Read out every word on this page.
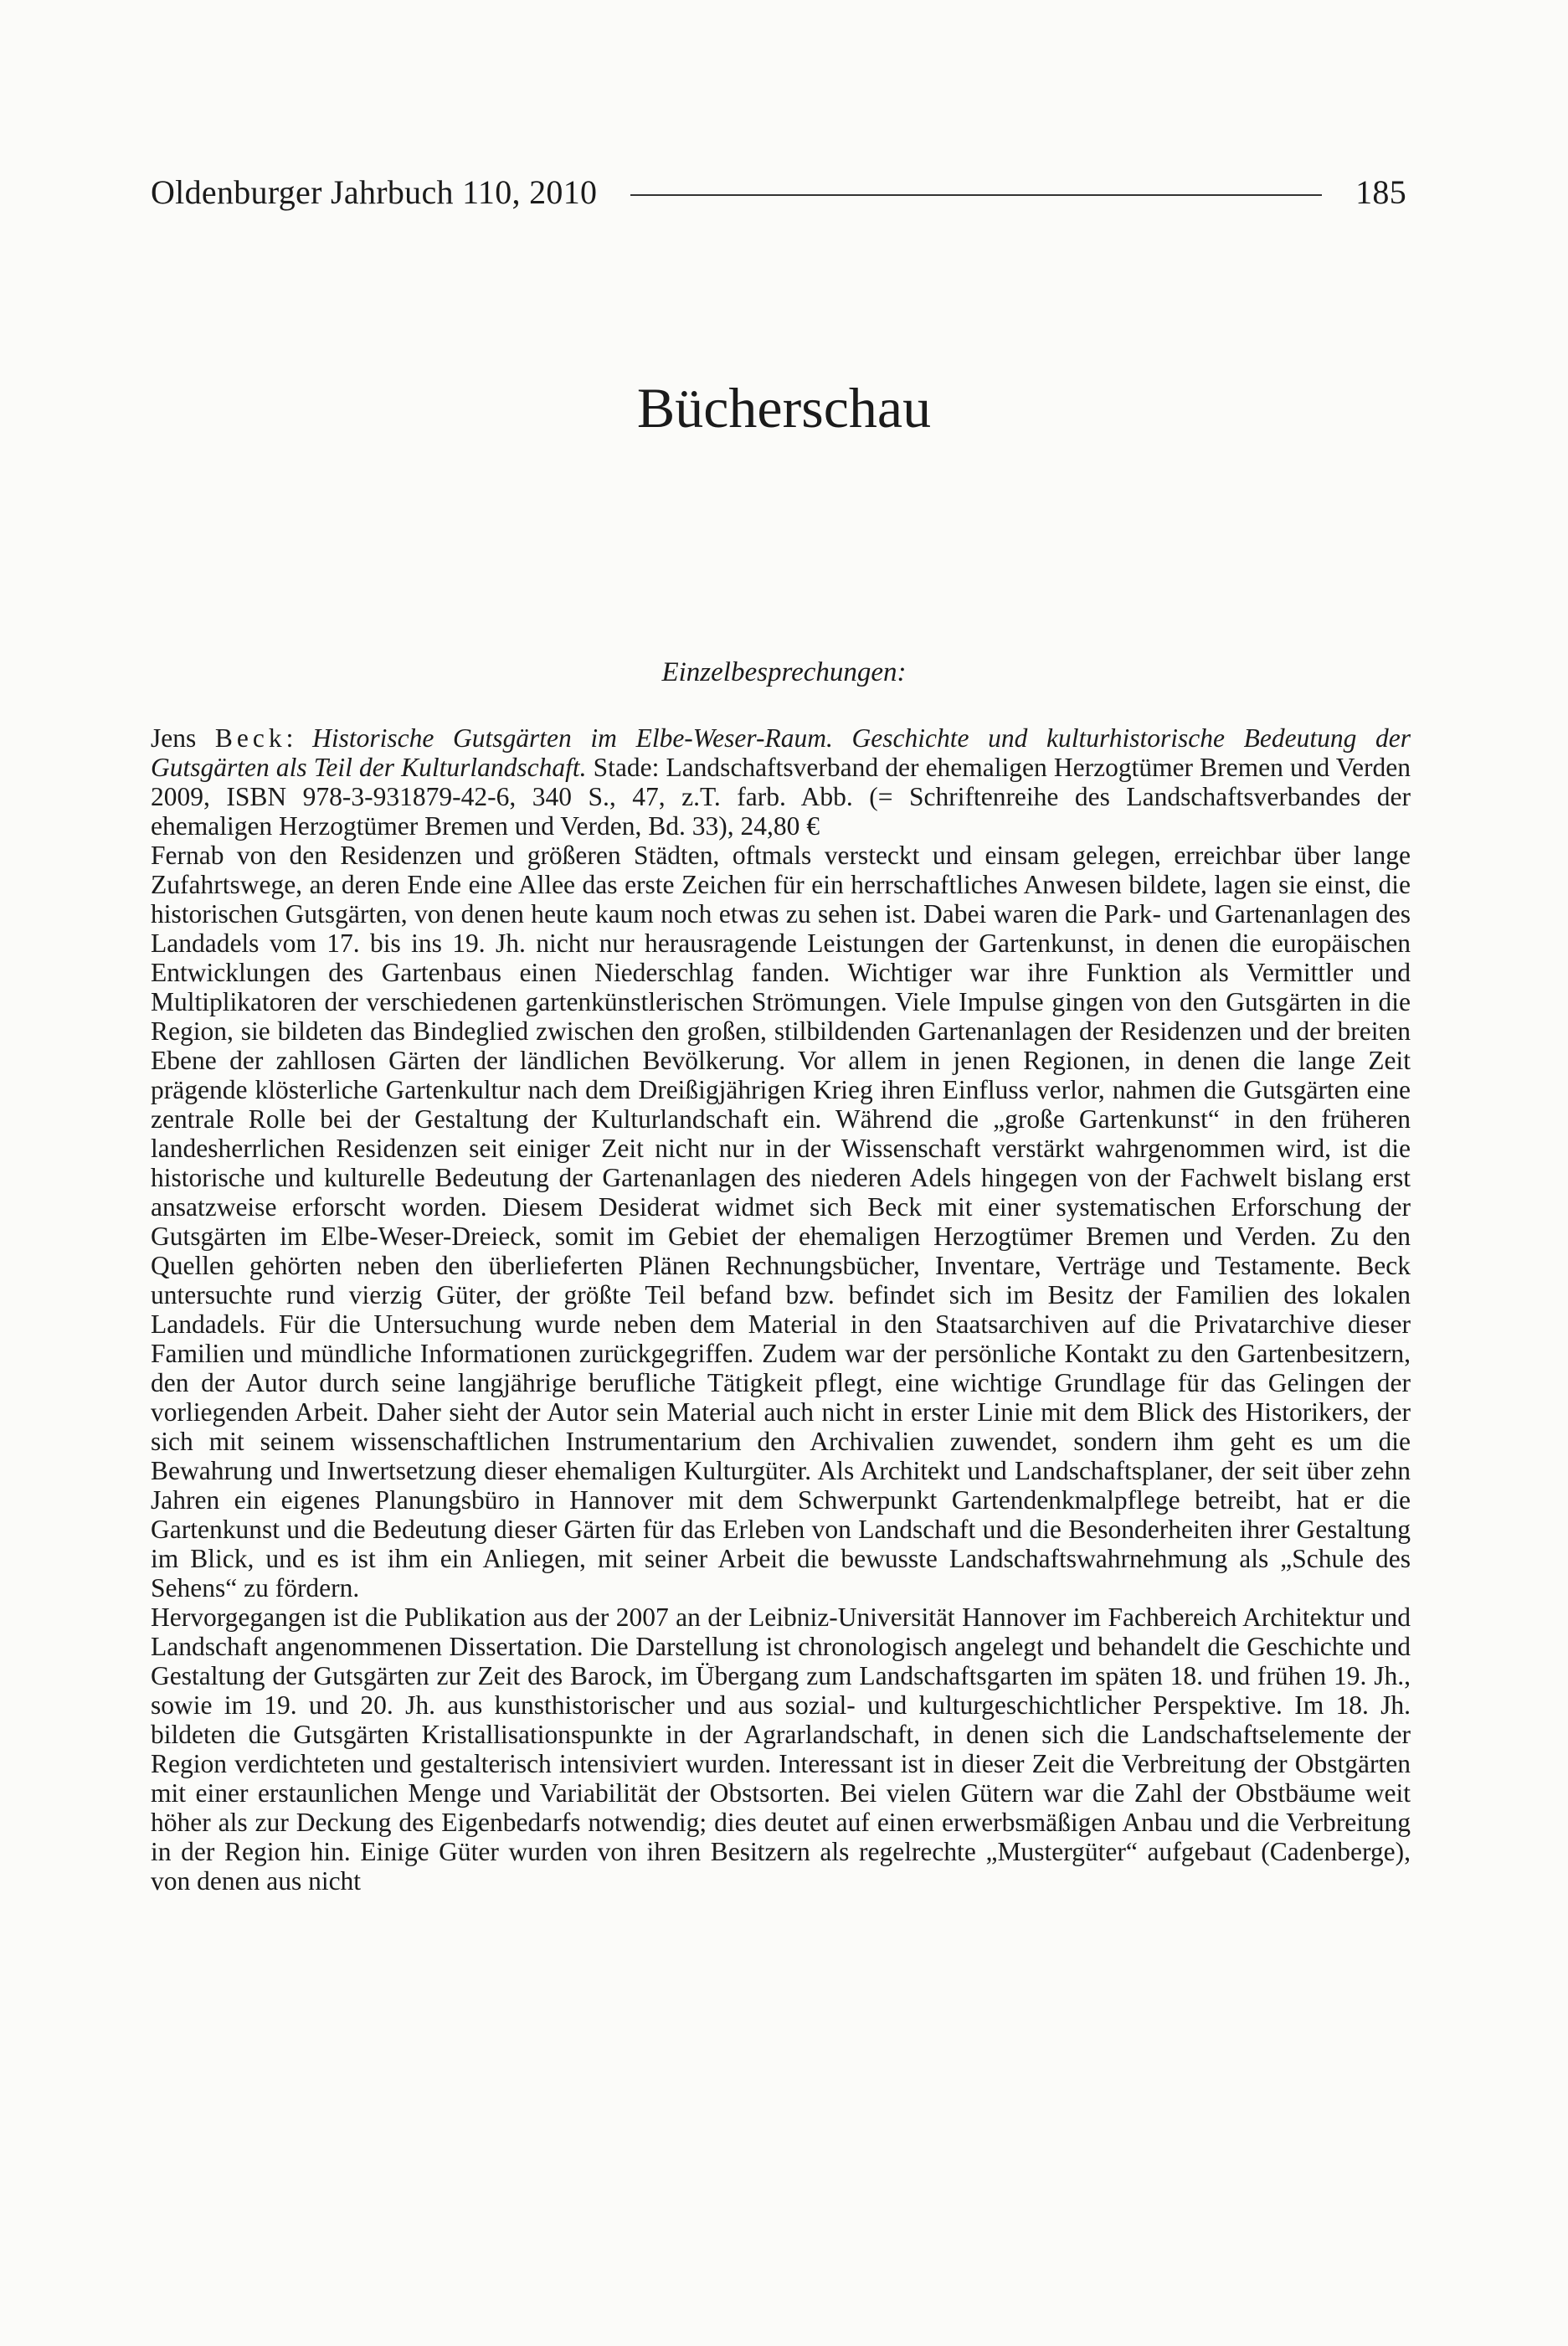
Oldenburger Jahrbuch 110, 2010	185
Bücherschau
Einzelbesprechungen:

Jens Beck: Historische Gutsgärten im Elbe-Weser-Raum. Geschichte und kulturhistorische Bedeutung der Gutsgärten als Teil der Kulturlandschaft. Stade: Landschaftsverband der ehemaligen Herzogtümer Bremen und Verden 2009, ISBN 978-3-931879-42-6, 340 S., 47, z.T. farb. Abb. (= Schriftenreihe des Landschaftsverbandes der ehemaligen Herzogtümer Bremen und Verden, Bd. 33), 24,80 €

Fernab von den Residenzen und größeren Städten, oftmals versteckt und einsam gelegen, erreichbar über lange Zufahrtswege, an deren Ende eine Allee das erste Zeichen für ein herrschaftliches Anwesen bildete, lagen sie einst, die historischen Gutsgärten, von denen heute kaum noch etwas zu sehen ist. Dabei waren die Park- und Gartenanlagen des Landadels vom 17. bis ins 19. Jh. nicht nur herausragende Leistungen der Gartenkunst, in denen die europäischen Entwicklungen des Gartenbaus einen Niederschlag fanden. Wichtiger war ihre Funktion als Vermittler und Multiplikatoren der verschiedenen gartenkünstlerischen Strömungen. Viele Impulse gingen von den Gutsgärten in die Region, sie bildeten das Bindeglied zwischen den großen, stilbildenden Gartenanlagen der Residenzen und der breiten Ebene der zahllosen Gärten der ländlichen Bevölkerung. Vor allem in jenen Regionen, in denen die lange Zeit prägende klösterliche Gartenkultur nach dem Dreißigjährigen Krieg ihren Einfluss verlor, nahmen die Gutsgärten eine zentrale Rolle bei der Gestaltung der Kulturlandschaft ein. Während die „große Gartenkunst“ in den früheren landesherrlichen Residenzen seit einiger Zeit nicht nur in der Wissenschaft verstärkt wahrgenommen wird, ist die historische und kulturelle Bedeutung der Gartenanlagen des niederen Adels hingegen von der Fachwelt bislang erst ansatzweise erforscht worden. Diesem Desiderat widmet sich Beck mit einer systematischen Erforschung der Gutsgärten im Elbe-Weser-Dreieck, somit im Gebiet der ehemaligen Herzogtümer Bremen und Verden. Zu den Quellen gehörten neben den überlieferten Plänen Rechnungsbücher, Inventare, Verträge und Testamente. Beck untersuchte rund vierzig Güter, der größte Teil befand bzw. befindet sich im Besitz der Familien des lokalen Landadels. Für die Untersuchung wurde neben dem Material in den Staatsarchiven auf die Privatarchive dieser Familien und mündliche Informationen zurückgegriffen. Zudem war der persönliche Kontakt zu den Gartenbesitzern, den der Autor durch seine langjährige berufliche Tätigkeit pflegt, eine wichtige Grundlage für das Gelingen der vorliegenden Arbeit. Daher sieht der Autor sein Material auch nicht in erster Linie mit dem Blick des Historikers, der sich mit seinem wissenschaftlichen Instrumentarium den Archivalien zuwendet, sondern ihm geht es um die Bewahrung und Inwertsetzung dieser ehemaligen Kulturgüter. Als Architekt und Landschaftsplaner, der seit über zehn Jahren ein eigenes Planungsbüro in Hannover mit dem Schwerpunkt Gartendenkmalpflege betreibt, hat er die Gartenkunst und die Bedeutung dieser Gärten für das Erleben von Landschaft und die Besonderheiten ihrer Gestaltung im Blick, und es ist ihm ein Anliegen, mit seiner Arbeit die bewusste Landschaftswahrnehmung als „Schule des Sehens“ zu fördern.

Hervorgegangen ist die Publikation aus der 2007 an der Leibniz-Universität Hannover im Fachbereich Architektur und Landschaft angenommenen Dissertation. Die Darstellung ist chronologisch angelegt und behandelt die Geschichte und Gestaltung der Gutsgärten zur Zeit des Barock, im Übergang zum Landschaftsgarten im späten 18. und frühen 19. Jh., sowie im 19. und 20. Jh. aus kunsthistorischer und aus sozial- und kulturgeschichtlicher Perspektive. Im 18. Jh. bildeten die Gutsgärten Kristallisationspunkte in der Agrarlandschaft, in denen sich die Landschaftselemente der Region verdichteten und gestalterisch intensiviert wurden. Interessant ist in dieser Zeit die Verbreitung der Obstgärten mit einer erstaunlichen Menge und Variabilität der Obstsorten. Bei vielen Gütern war die Zahl der Obstbäume weit höher als zur Deckung des Eigenbedarfs notwendig; dies deutet auf einen erwerbsmäßigen Anbau und die Verbreitung in der Region hin. Einige Güter wurden von ihren Besitzern als regelrechte „Mustergüter“ aufgebaut (Cadenberge), von denen aus nicht
